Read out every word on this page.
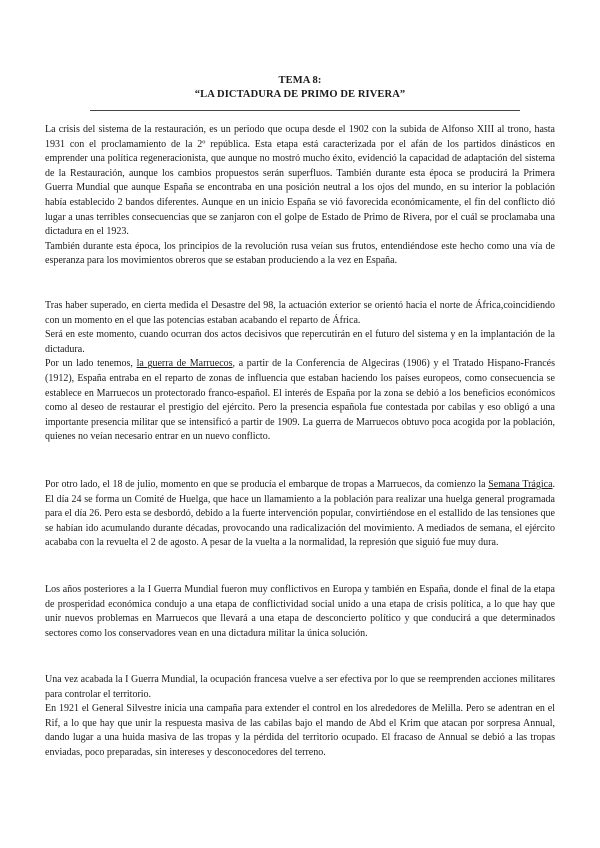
TEMA 8:
“LA DICTADURA DE PRIMO DE RIVERA”

La crisis del sistema de la restauración, es un periodo que ocupa desde el 1902 con la subida de Alfonso XIII al trono, hasta 1931 con el proclamamiento de la 2º república. Esta etapa está caracterizada por el afán de los partidos dinásticos en emprender una política regeneracionista, que aunque no mostró mucho éxito, evidenció la capacidad de adaptación del sistema de la Restauración, aunque los cambios propuestos serán superfluos. También durante esta época se producirá la Primera Guerra Mundial que aunque España se encontraba en una posición neutral a los ojos del mundo, en su interior la población había establecido 2 bandos diferentes. Aunque en un inicio España se vió favorecida económicamente, el fin del conflicto dió lugar a unas terribles consecuencias que se zanjaron con el golpe de Estado de Primo de Rivera, por el cuál se proclamaba una dictadura en el 1923.

También durante esta época, los principios de la revolución rusa veían sus frutos, entendiéndose este hecho como una vía de esperanza para los movimientos obreros que se estaban produciendo a la vez en España.

Tras haber superado, en cierta medida el Desastre del 98, la actuación exterior se orientó hacia el norte de África,coincidiendo con un momento en el que las potencias estaban acabando el reparto de África.

Será en este momento, cuando ocurran dos actos decisivos que repercutirán en el futuro del sistema y en la implantación de la dictadura.

Por un lado tenemos, la guerra de Marruecos, a partir de la Conferencia de Algeciras (1906) y el Tratado Hispano-Francés (1912), España entraba en el reparto de zonas de influencia que estaban haciendo los países europeos, como consecuencia se establece en Marruecos un protectorado franco-español. El interés de España por la zona se debió a los beneficios económicos como al deseo de restaurar el prestigio del ejército. Pero la presencia española fue contestada por cabilas y eso obligó a una importante presencia militar que se intensificó a partir de 1909. La guerra de Marruecos obtuvo poca acogida por la población, quienes no veían necesario entrar en un nuevo conflicto.

Por otro lado, el 18 de julio, momento en que se producía el embarque de tropas a Marruecos, da comienzo la Semana Trágica. El día 24 se forma un Comité de Huelga, que hace un llamamiento a la población para realizar una huelga general programada para el día 26. Pero esta se desbordó, debido a la fuerte intervención popular, convirtiéndose en el estallido de las tensiones que se habían ido acumulando durante décadas, provocando una radicalización del movimiento. A mediados de semana, el ejército acababa con la revuelta el 2 de agosto. A pesar de la vuelta a la normalidad, la represión que siguió fue muy dura.

Los años posteriores a la I Guerra Mundial fueron muy conflictivos en Europa y también en España, donde el final de la etapa de prosperidad económica condujo a una etapa de conflictividad social unido a una etapa de crisis política, a lo que hay que unir nuevos problemas en Marruecos que llevará a una etapa de desconcierto político y que conducirá a que determinados sectores como los conservadores vean en una dictadura militar la única solución.

Una vez acabada la I Guerra Mundial, la ocupación francesa vuelve a ser efectiva por lo que se reemprenden acciones militares para controlar el territorio.

En 1921 el General Silvestre inicia una campaña para extender el control en los alrededores de Melilla. Pero se adentran en el Rif, a lo que hay que unir la respuesta masiva de las cabilas bajo el mando de Abd el Krim que atacan por sorpresa Annual, dando lugar a una huida masiva de las tropas y la pérdida del territorio ocupado. El fracaso de Annual se debió a las tropas enviadas, poco preparadas, sin intereses y desconocedores del terreno.
